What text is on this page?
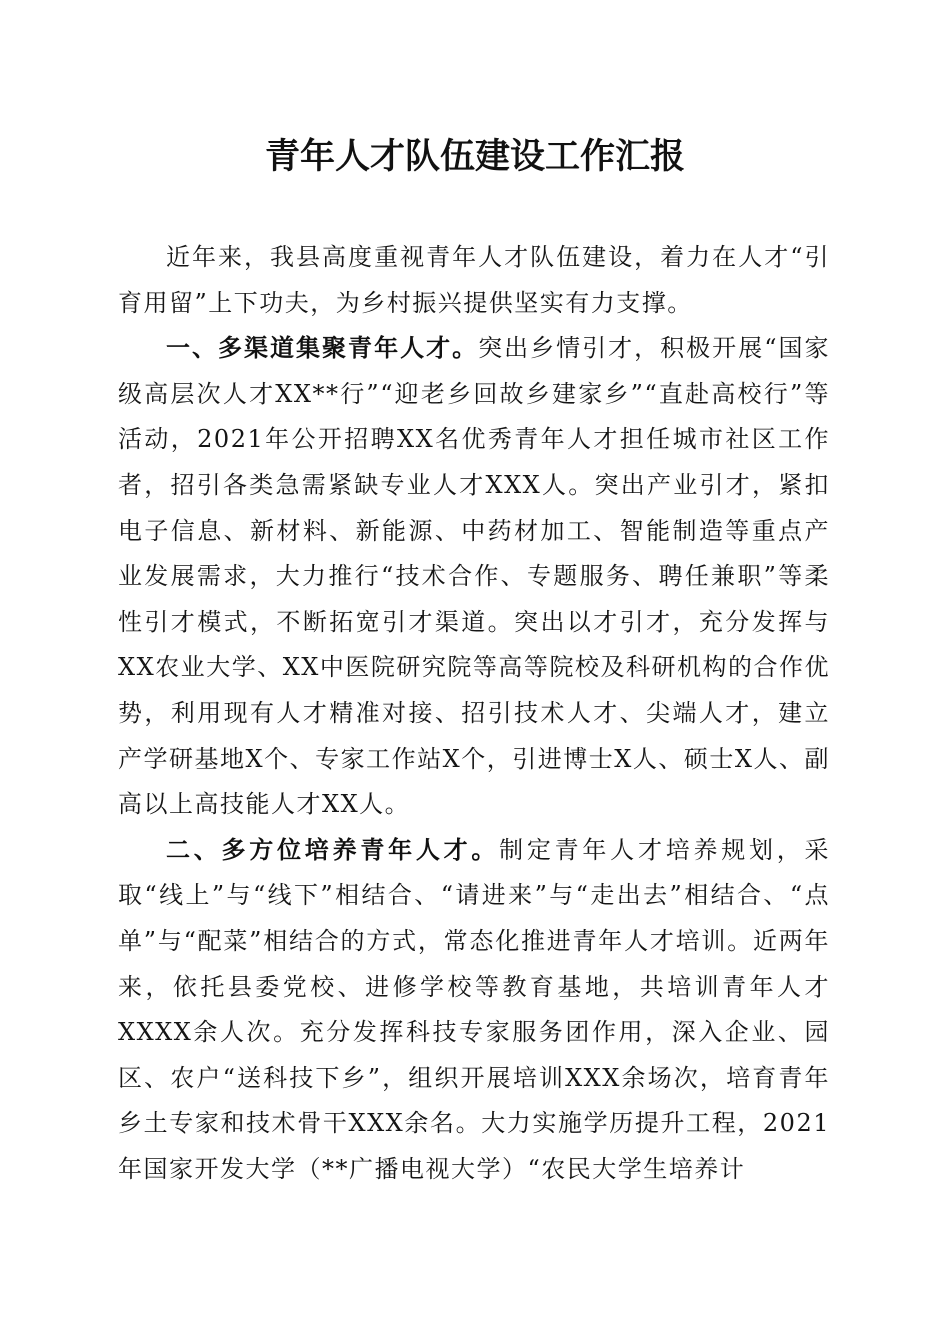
青年人才队伍建设工作汇报

近年来，我县高度重视青年人才队伍建设，着力在人才“引育用留”上下功夫，为乡村振兴提供坚实有力支撑。

一、多渠道集聚青年人才。突出乡情引才，积极开展“国家级高层次人才XX**行”“迎老乡回故乡建家乡”“直赴高校行”等活动，2021年公开招聘XX名优秀青年人才担任城市社区工作者，招引各类急需紧缺专业人才XXX人。突出产业引才，紧扣电子信息、新材料、新能源、中药材加工、智能制造等重点产业发展需求，大力推行“技术合作、专题服务、聘任兼职”等柔性引才模式，不断拓宽引才渠道。突出以才引才，充分发挥与XX农业大学、XX中医院研究院等高等院校及科研机构的合作优势，利用现有人才精准对接、招引技术人才、尖端人才，建立产学研基地X个、专家工作站X个，引进博士X人、硕士X人、副高以上高技能人才XX人。

二、多方位培养青年人才。制定青年人才培养规划，采取“线上”与“线下”相结合、“请进来”与“走出去”相结合、“点单”与“配菜”相结合的方式，常态化推进青年人才培训。近两年来，依托县委党校、进修学校等教育基地，共培训青年人才XXXX余人次。充分发挥科技专家服务团作用，深入企业、园区、农户“送科技下乡”，组织开展培训XXX余场次，培育青年乡土专家和技术骨干XXX余名。大力实施学历提升工程，2021年国家开发大学（**广播电视大学）“农民大学生培养计
